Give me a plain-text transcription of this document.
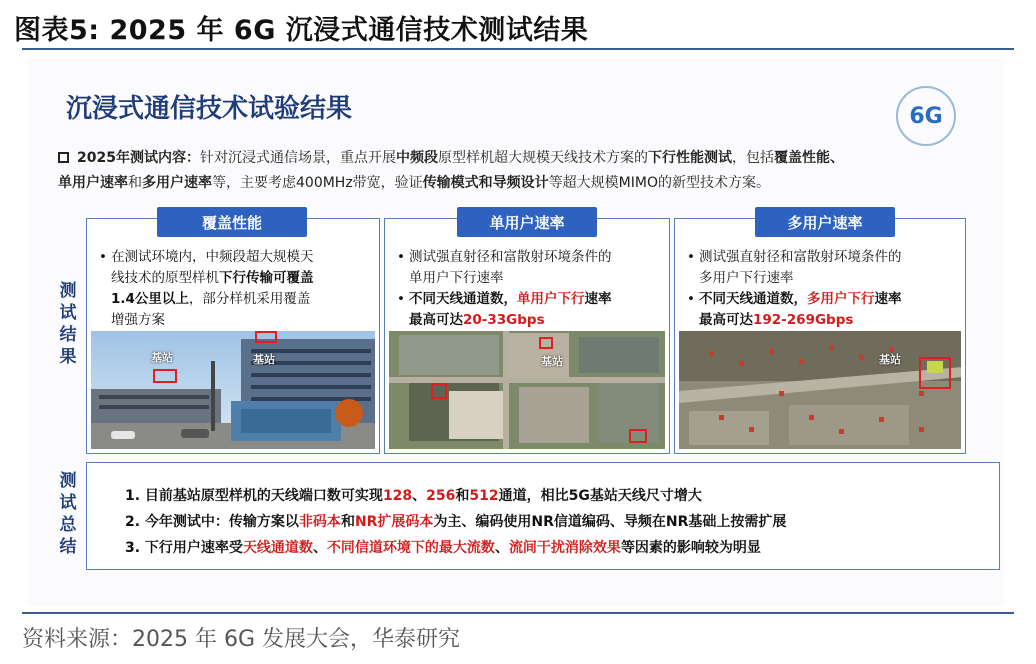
图表5: 2025 年 6G 沉浸式通信技术测试结果
沉浸式通信技术试验结果	6G
2025年测试内容：针对沉浸式通信场景，重点开展中频段原型样机超大规模天线技术方案的下行性能测试，包括覆盖性能、
单用户速率和多用户速率等，主要考虑400MHz带宽，验证传输模式和导频设计等超大规模MIMO的新型技术方案。
测试结果
测试总结
覆盖性能
• 在测试环境内，中频段超大规模天
线技术的原型样机下行传输可覆盖
1.4公里以上，部分样机采用覆盖
增强方案
基站	基站
单用户速率
• 测试强直射径和富散射环境条件的
单用户下行速率
• 不同天线通道数，单用户下行速率
最高可达20-33Gbps
基站
多用户速率
• 测试强直射径和富散射环境条件的
多用户下行速率
• 不同天线通道数，多用户下行速率
最高可达192-269Gbps
基站
1. 目前基站原型样机的天线端口数可实现128、256和512通道，相比5G基站天线尺寸增大
2. 今年测试中：传输方案以非码本和NR扩展码本为主、编码使用NR信道编码、导频在NR基础上按需扩展
3. 下行用户速率受天线通道数、不同信道环境下的最大流数、流间干扰消除效果等因素的影响较为明显
资料来源：2025 年 6G 发展大会，华泰研究
